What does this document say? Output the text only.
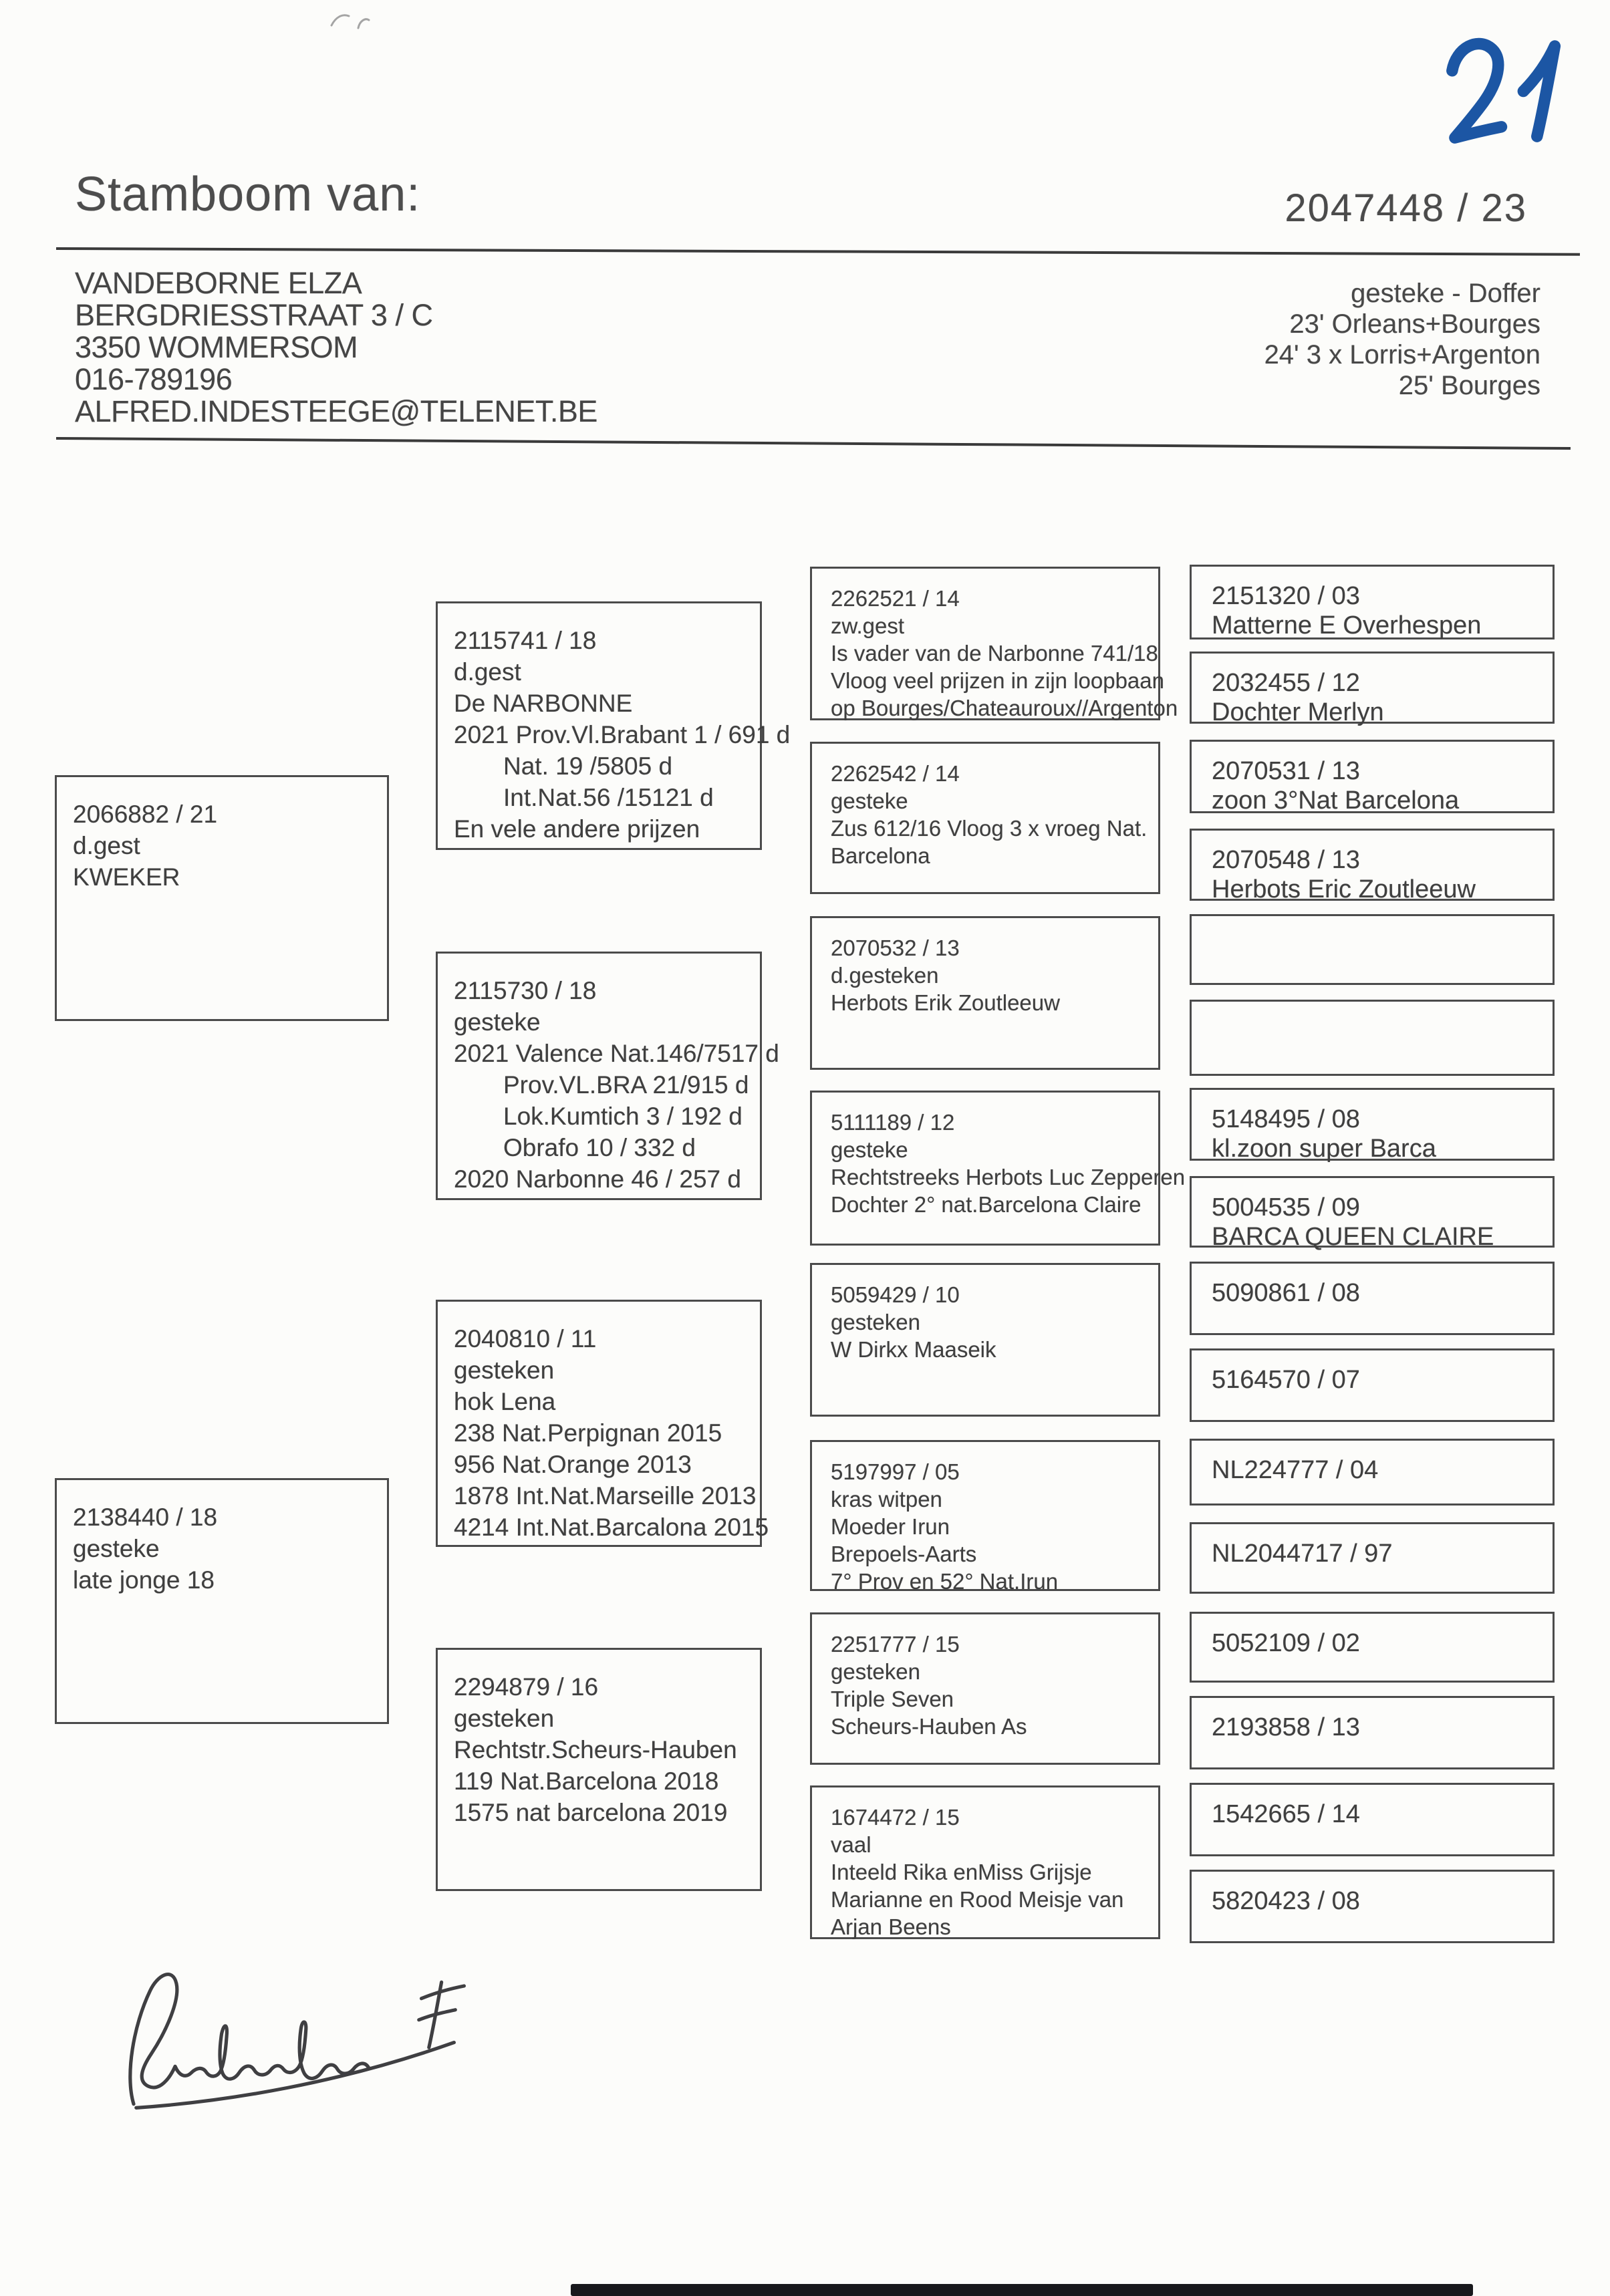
Stamboom van:	2047448 / 23
VANDEBORNE ELZA
BERGDRIESSTRAAT 3 / C
3350 WOMMERSOM
016-789196
ALFRED.INDESTEEGE@TELENET.BE
gesteke - Doffer
23' Orleans+Bourges
24' 3 x Lorris+Argenton
25' Bourges
2066882 / 21
d.gest
KWEKER
2138440 / 18
gesteke
late jonge 18
2115741 / 18
d.gest
De NARBONNE
2021 Prov.Vl.Brabant 1 / 691 d
Nat. 19 /5805 d
Int.Nat.56 /15121 d
En vele andere prijzen
2115730 / 18
gesteke
2021 Valence Nat.146/7517 d
Prov.VL.BRA 21/915 d
Lok.Kumtich 3 / 192 d
Obrafo 10 / 332 d
2020 Narbonne 46 / 257 d
2040810 / 11
gesteken
hok Lena
238 Nat.Perpignan 2015
956 Nat.Orange 2013
1878 Int.Nat.Marseille 2013
4214 Int.Nat.Barcalona 2015
2294879 / 16
gesteken
Rechtstr.Scheurs-Hauben
119 Nat.Barcelona 2018
1575 nat barcelona 2019
2262521 / 14
zw.gest
Is vader van de Narbonne 741/18
Vloog veel prijzen in zijn loopbaan
op Bourges/Chateauroux//Argenton
2262542 / 14
gesteke
Zus 612/16 Vloog 3 x vroeg Nat.
Barcelona
2070532 / 13
d.gesteken
Herbots Erik Zoutleeuw
5111189 / 12
gesteke
Rechtstreeks Herbots Luc Zepperen
Dochter 2° nat.Barcelona Claire
5059429 / 10
gesteken
W Dirkx Maaseik
5197997 / 05
kras witpen
Moeder Irun
Brepoels-Aarts
7° Prov en 52° Nat.Irun
2251777 / 15
gesteken
Triple Seven
Scheurs-Hauben As
1674472 / 15
vaal
Inteeld Rika enMiss Grijsje
Marianne en Rood Meisje van
Arjan Beens
2151320 / 03
Matterne E Overhespen
2032455 / 12
Dochter Merlyn
2070531 / 13
zoon 3°Nat Barcelona
2070548 / 13
Herbots Eric Zoutleeuw
5148495 / 08
kl.zoon super Barca
5004535 / 09
BARCA QUEEN CLAIRE
5090861 / 08
5164570 / 07
NL224777 / 04
NL2044717 / 97
5052109 / 02
2193858 / 13
1542665 / 14
5820423 / 08
